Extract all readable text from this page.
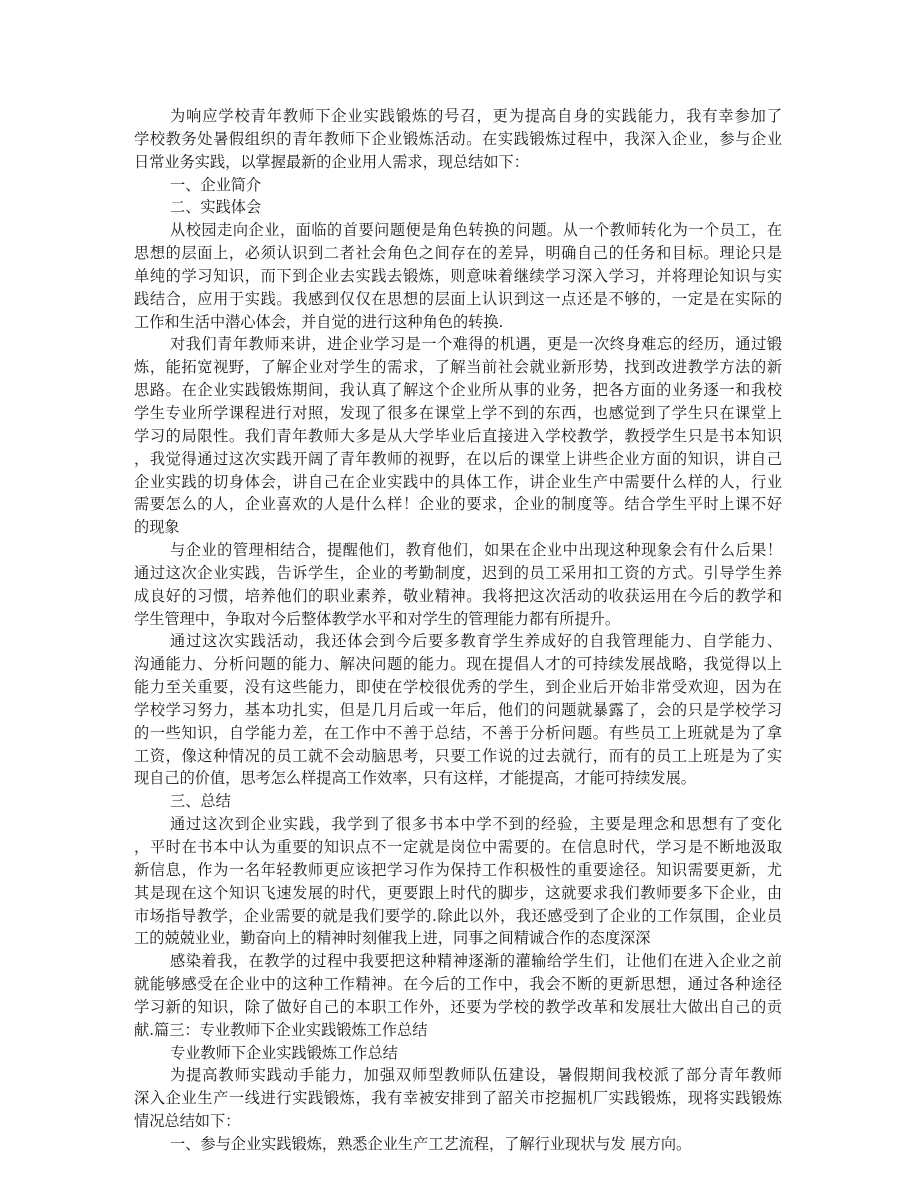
为响应学校青年教师下企业实践锻炼的号召，更为提高自身的实践能力，我有幸参加了
学校教务处暑假组织的青年教师下企业锻炼活动。在实践锻炼过程中，我深入企业，参与企业
日常业务实践，以掌握最新的企业用人需求，现总结如下：
一、企业简介
二、实践体会
从校园走向企业，面临的首要问题便是角色转换的问题。从一个教师转化为一个员工，在
思想的层面上，必须认识到二者社会角色之间存在的差异，明确自己的任务和目标。理论只是
单纯的学习知识，而下到企业去实践去锻炼，则意味着继续学习深入学习，并将理论知识与实
践结合，应用于实践。我感到仅仅在思想的层面上认识到这一点还是不够的，一定是在实际的
工作和生活中潜心体会，并自觉的进行这种角色的转换.
对我们青年教师来讲，进企业学习是一个难得的机遇，更是一次终身难忘的经历，通过锻
炼，能拓宽视野，了解企业对学生的需求，了解当前社会就业新形势，找到改进教学方法的新
思路。在企业实践锻炼期间，我认真了解这个企业所从事的业务，把各方面的业务逐一和我校
学生专业所学课程进行对照，发现了很多在课堂上学不到的东西，也感觉到了学生只在课堂上
学习的局限性。我们青年教师大多是从大学毕业后直接进入学校教学，教授学生只是书本知识
，我觉得通过这次实践开阔了青年教师的视野，在以后的课堂上讲些企业方面的知识，讲自己
企业实践的切身体会，讲自己在企业实践中的具体工作，讲企业生产中需要什么样的人，行业
需要怎么的人，企业喜欢的人是什么样！企业的要求，企业的制度等。结合学生平时上课不好
的现象
与企业的管理相结合，提醒他们，教育他们，如果在企业中出现这种现象会有什么后果！
通过这次企业实践，告诉学生，企业的考勤制度，迟到的员工采用扣工资的方式。引导学生养
成良好的习惯，培养他们的职业素养，敬业精神。我将把这次活动的收获运用在今后的教学和
学生管理中，争取对今后整体教学水平和对学生的管理能力都有所提升。
通过这次实践活动，我还体会到今后要多教育学生养成好的自我管理能力、自学能力、
沟通能力、分析问题的能力、解决问题的能力。现在提倡人才的可持续发展战略，我觉得以上
能力至关重要，没有这些能力，即使在学校很优秀的学生，到企业后开始非常受欢迎，因为在
学校学习努力，基本功扎实，但是几月后或一年后，他们的问题就暴露了，会的只是学校学习
的一些知识，自学能力差，在工作中不善于总结，不善于分析问题。有些员工上班就是为了拿
工资，像这种情况的员工就不会动脑思考，只要工作说的过去就行，而有的员工上班是为了实
现自己的价值，思考怎么样提高工作效率，只有这样，才能提高，才能可持续发展。
三、总结
通过这次到企业实践，我学到了很多书本中学不到的经验，主要是理念和思想有了变化
，平时在书本中认为重要的知识点不一定就是岗位中需要的。在信息时代，学习是不断地汲取
新信息，作为一名年轻教师更应该把学习作为保持工作积极性的重要途径。知识需要更新，尤
其是现在这个知识飞速发展的时代，更要跟上时代的脚步，这就要求我们教师要多下企业，由
市场指导教学，企业需要的就是我们要学的.除此以外，我还感受到了企业的工作氛围，企业员
工的兢兢业业，勤奋向上的精神时刻催我上进，同事之间精诚合作的态度深深
感染着我，在教学的过程中我要把这种精神逐渐的灌输给学生们，让他们在进入企业之前
就能够感受在企业中的这种工作精神。在今后的工作中，我会不断的更新思想，通过各种途径
学习新的知识，除了做好自己的本职工作外，还要为学校的教学改革和发展壮大做出自己的贡
献.篇三：专业教师下企业实践锻炼工作总结
专业教师下企业实践锻炼工作总结
为提高教师实践动手能力，加强双师型教师队伍建设，暑假期间我校派了部分青年教师
深入企业生产一线进行实践锻炼，我有幸被安排到了韶关市挖掘机厂实践锻炼，现将实践锻炼
情况总结如下：
一、参与企业实践锻炼，熟悉企业生产工艺流程，了解行业现状与发 展方向。
